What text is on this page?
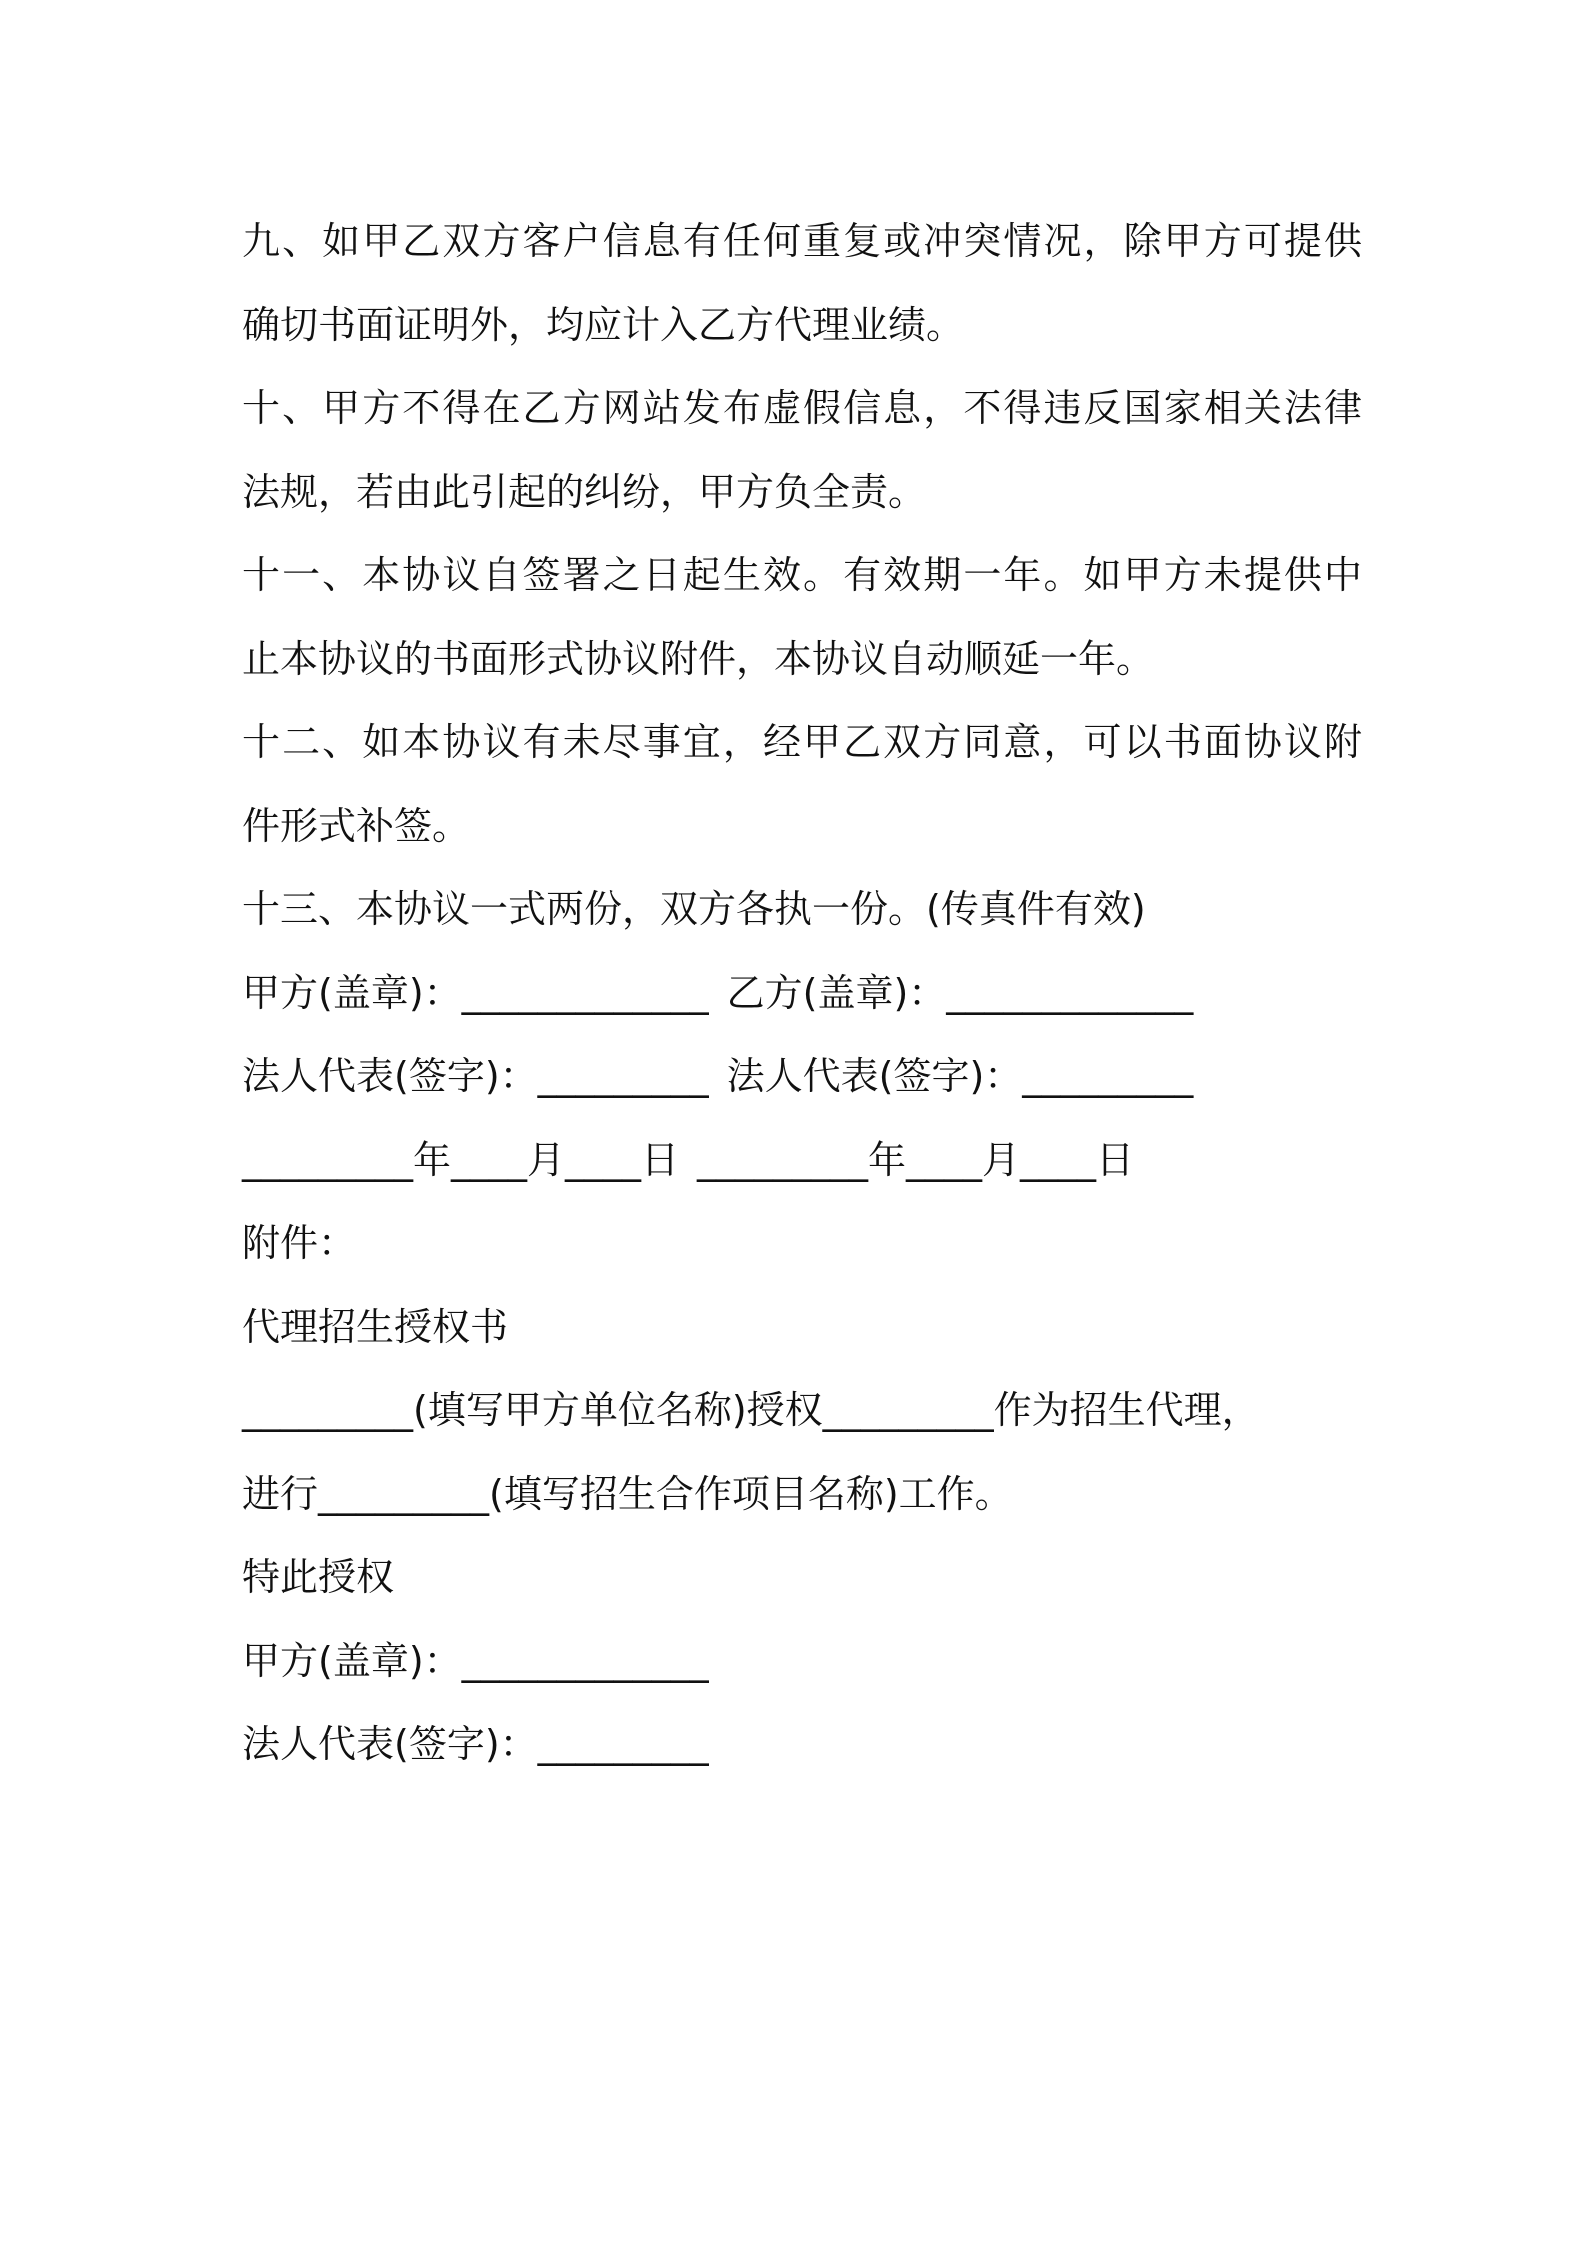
九、如甲乙双方客户信息有任何重复或冲突情况，除甲方可提供
确切书面证明外，均应计入乙方代理业绩。
十、甲方不得在乙方网站发布虚假信息，不得违反国家相关法律
法规，若由此引起的纠纷，甲方负全责。
十一、本协议自签署之日起生效。有效期一年。如甲方未提供中
止本协议的书面形式协议附件，本协议自动顺延一年。
十二、如本协议有未尽事宜，经甲乙双方同意，可以书面协议附
件形式补签。
十三、本协议一式两份，双方各执一份。(传真件有效)
甲方(盖章)：_____________ 乙方(盖章)：_____________
法人代表(签字)：_________ 法人代表(签字)：_________
_________年____月____日 _________年____月____日
附件：
代理招生授权书
_________(填写甲方单位名称)授权_________作为招生代理，
进行_________(填写招生合作项目名称)工作。
特此授权
甲方(盖章)：_____________
法人代表(签字)：_________
